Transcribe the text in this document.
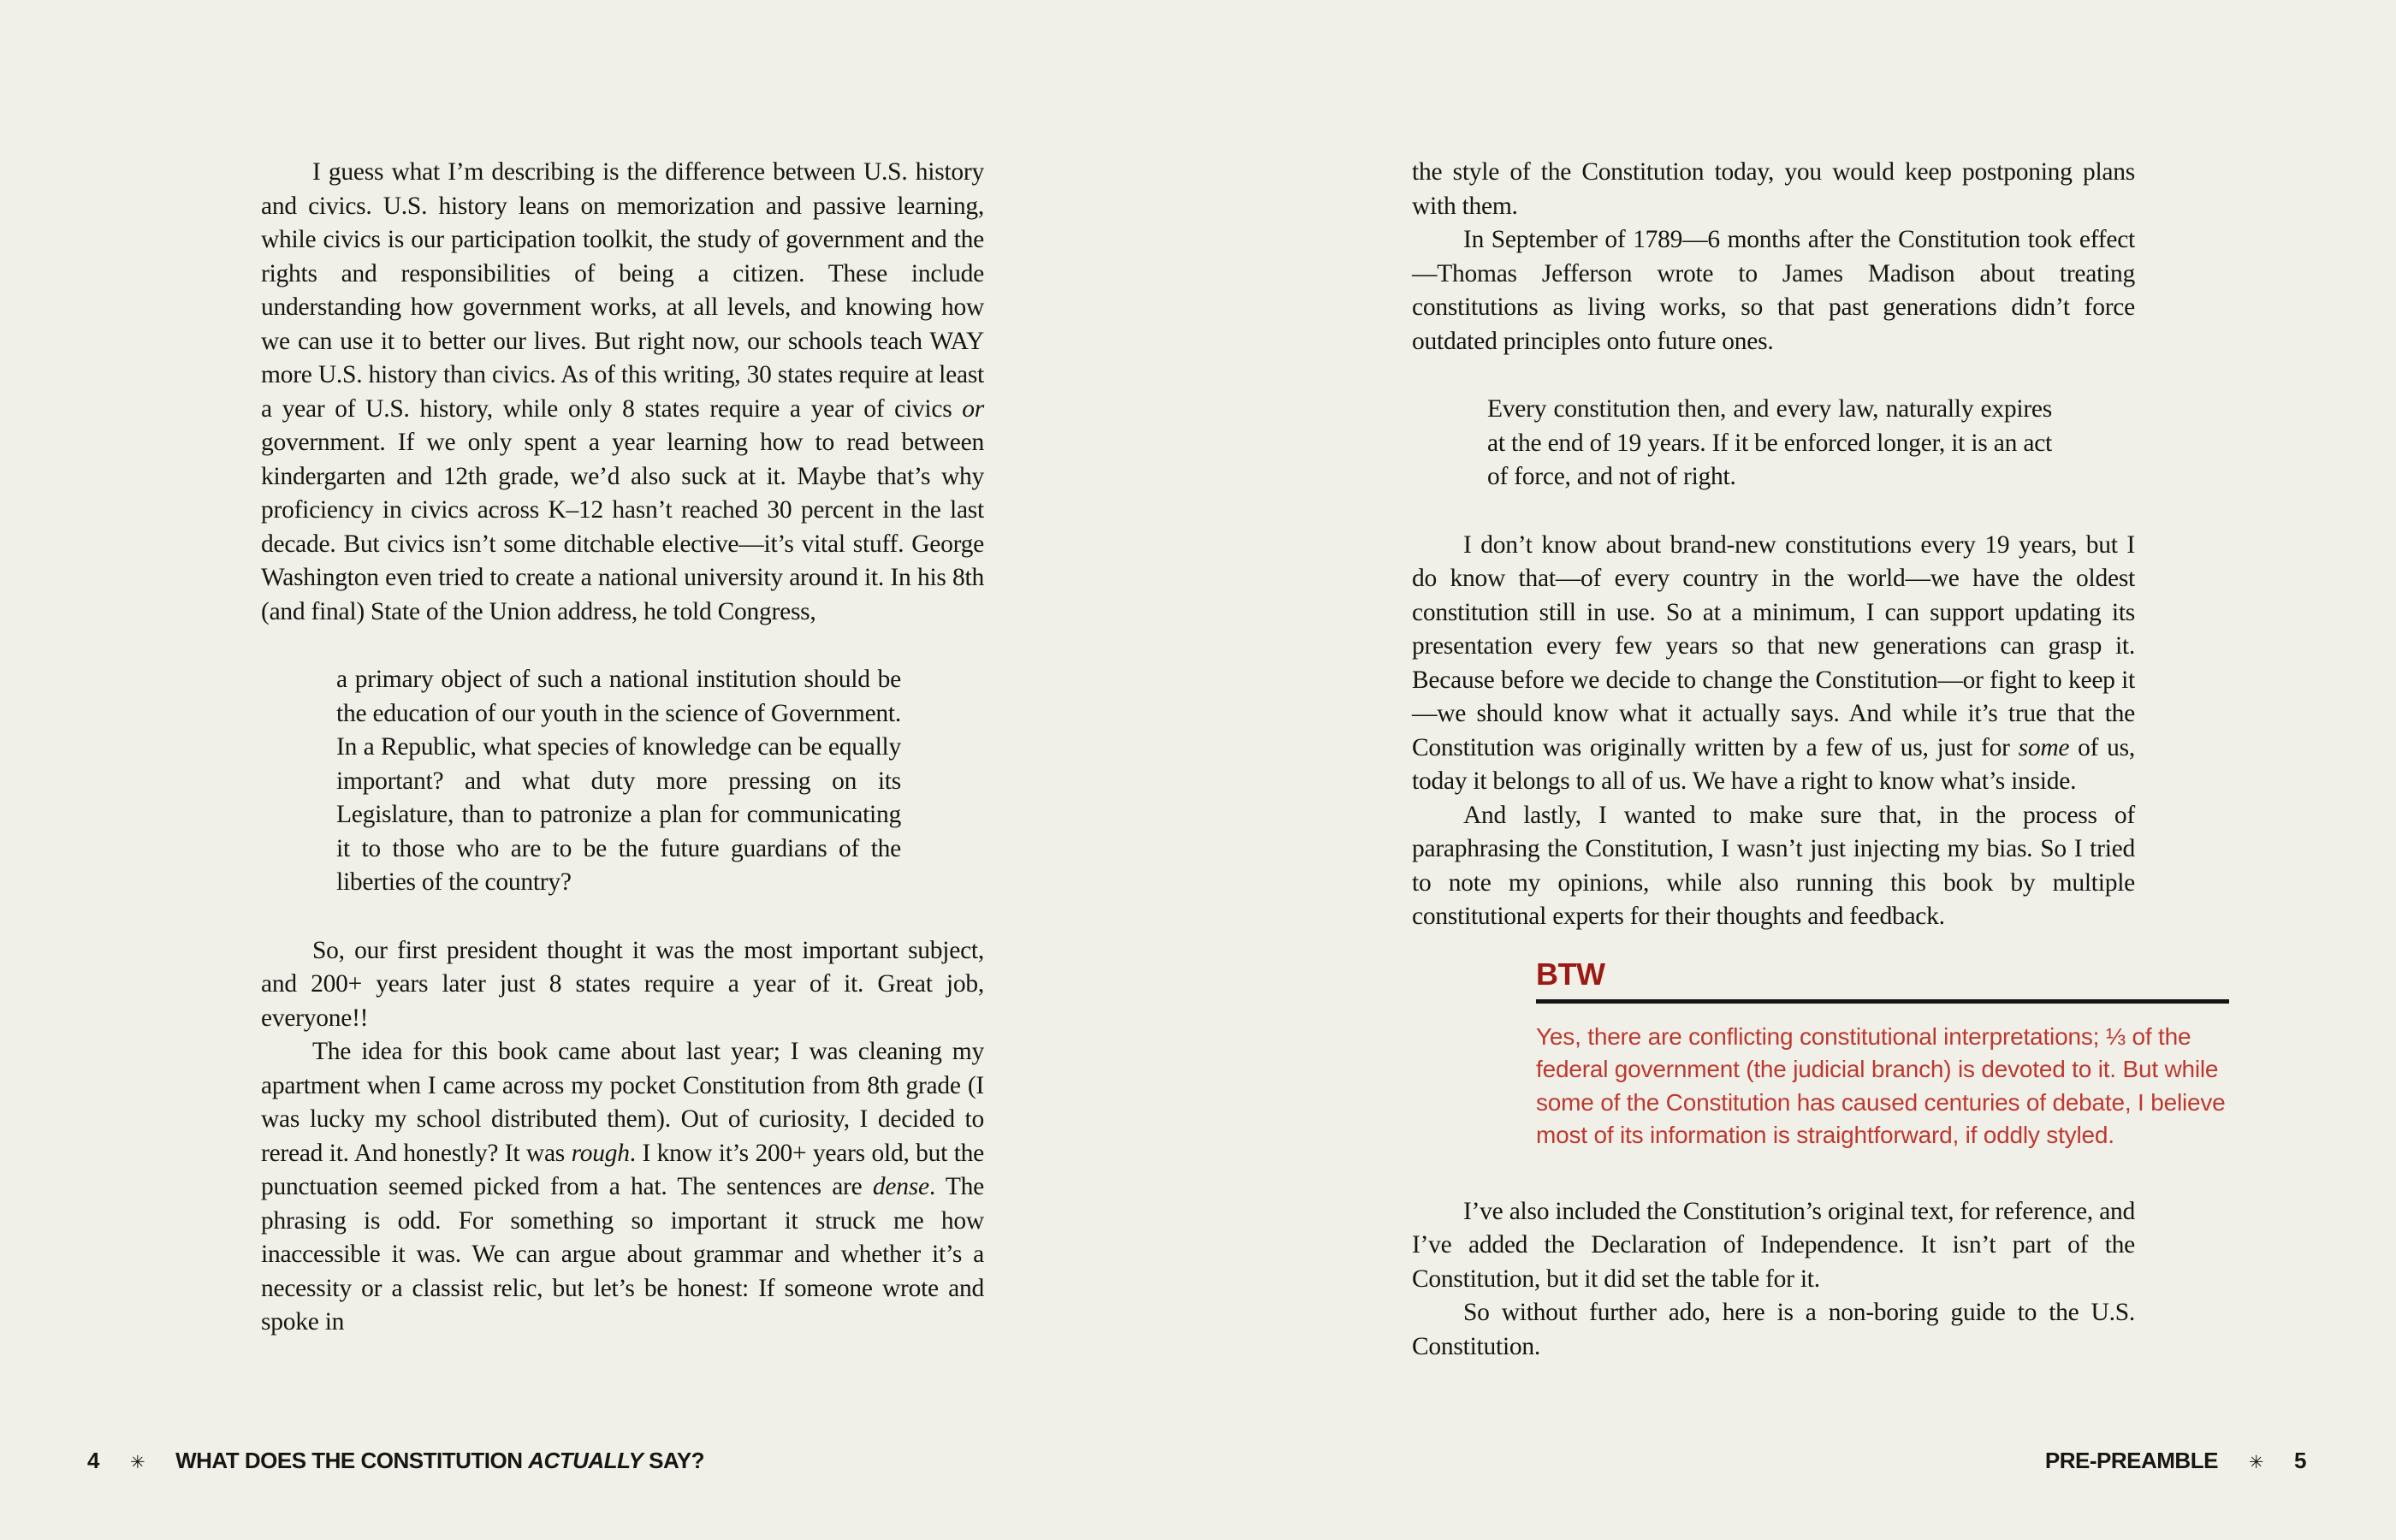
I guess what I’m describing is the difference between U.S. history and civics. U.S. history leans on memorization and passive learning, while civics is our participation toolkit, the study of government and the rights and responsibilities of being a citizen. These include understanding how government works, at all levels, and knowing how we can use it to better our lives. But right now, our schools teach WAY more U.S. history than civics. As of this writing, 30 states require at least a year of U.S. history, while only 8 states require a year of civics or government. If we only spent a year learning how to read between kindergarten and 12th grade, we’d also suck at it. Maybe that’s why proficiency in civics across K–12 hasn’t reached 30 percent in the last decade. But civics isn’t some ditchable elective—it’s vital stuff. George Washington even tried to create a national university around it. In his 8th (and final) State of the Union address, he told Congress,

a primary object of such a national institution should be the education of our youth in the science of Government. In a Republic, what species of knowledge can be equally important? and what duty more pressing on its Legislature, than to patronize a plan for communicating it to those who are to be the future guardians of the liberties of the country?

So, our first president thought it was the most important subject, and 200+ years later just 8 states require a year of it. Great job, everyone!!

The idea for this book came about last year; I was cleaning my apartment when I came across my pocket Constitution from 8th grade (I was lucky my school distributed them). Out of curiosity, I decided to reread it. And honestly? It was rough. I know it’s 200+ years old, but the punctuation seemed picked from a hat. The sentences are dense. The phrasing is odd. For something so important it struck me how inaccessible it was. We can argue about grammar and whether it’s a necessity or a classist relic, but let’s be honest: If someone wrote and spoke in

4 ✳ WHAT DOES THE CONSTITUTION ACTUALLY SAY?

the style of the Constitution today, you would keep postponing plans with them.

In September of 1789—6 months after the Constitution took effect—Thomas Jefferson wrote to James Madison about treating constitutions as living works, so that past generations didn’t force outdated principles onto future ones.

Every constitution then, and every law, naturally expires at the end of 19 years. If it be enforced longer, it is an act of force, and not of right.

I don’t know about brand-new constitutions every 19 years, but I do know that—of every country in the world—we have the oldest constitution still in use. So at a minimum, I can support updating its presentation every few years so that new generations can grasp it. Because before we decide to change the Constitution—or fight to keep it—we should know what it actually says. And while it’s true that the Constitution was originally written by a few of us, just for some of us, today it belongs to all of us. We have a right to know what’s inside.

And lastly, I wanted to make sure that, in the process of paraphrasing the Constitution, I wasn’t just injecting my bias. So I tried to note my opinions, while also running this book by multiple constitutional experts for their thoughts and feedback.

BTW
Yes, there are conflicting constitutional interpretations; ⅓ of the federal government (the judicial branch) is devoted to it. But while some of the Constitution has caused centuries of debate, I believe most of its information is straightforward, if oddly styled.

I’ve also included the Constitution’s original text, for reference, and I’ve added the Declaration of Independence. It isn’t part of the Constitution, but it did set the table for it.

So without further ado, here is a non-boring guide to the U.S. Constitution.

PRE-PREAMBLE ✳ 5
